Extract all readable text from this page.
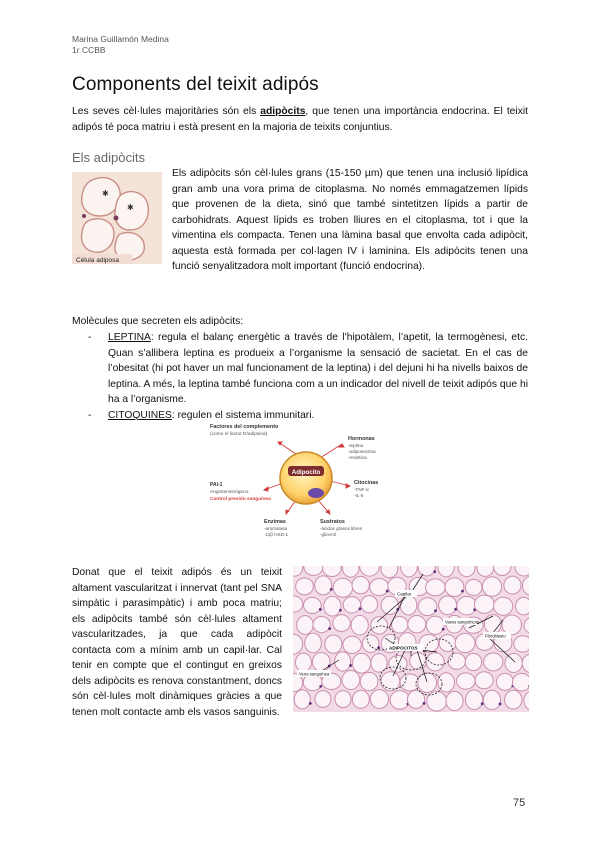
Marina Guillamón Medina
1r CCBB
Components del teixit adipós
Les seves cèl·lules majoritàries són els adipòcits, que tenen una importància endocrina. El teixit adipós té poca matriu i està present en la majoria de teixits conjuntius.
Els adipòcits
✱
✱
Célula adiposa
Els adipòcits són cèl·lules grans (15-150 µm) que tenen una inclusió lipídica gran amb una vora prima de citoplasma. No només emmagatzemen lípids que provenen de la dieta, sinó que també sintetitzen lípids a partir de carbohidrats. Aquest lípids es troben lliures en el citoplasma, tot i que la vimentina els compacta. Tenen una làmina basal que envolta cada adipòcit, aquesta està formada per col·lagen IV i laminina. Els adipòcits tenen una funció senyalitzadora molt important (funció endocrina).
Molècules que secreten els adipòcits:
- LEPTINA: regula el balanç energètic a través de l’hipotàlem, l’apetit, la termogènesi, etc. Quan s’allibera leptina es produeix a l’organisme la sensació de sacietat. En el cas de l’obesitat (hi pot haver un mal funcionament de la leptina) i del dejuni hi ha nivells baixos de leptina. A més, la leptina també funciona com a un indicador del nivell de teixit adipós que hi ha a l’organisme.
- CITOQUINES: regulen el sistema immunitari.
Adipocito
Factores del complemento
(como el factor D/adipsina)
Hormonas
-leptina
-adiponectina
-resistina
Citocinas
-TNF-α
-IL-6
Sustratos
-ácidos grasos libres
-glicerol
Enzimas
-aromatasa
-11β HSD-1
PAI-1
Angiotensinógeno
Control presión sanguínea
Donat que el teixit adipós és un teixit altament vascularitzat i innervat (tant pel SNA simpàtic i parasimpàtic) i amb poca matriu; els adipòcits també són cèl·lules altament vascularitzades, ja que cada adipòcit contacta com a mínim amb un capil·lar. Cal tenir en compte que el contingut en greixos dels adipòcits es renova constantment, doncs són cèl·lules molt dinàmiques gràcies a que tenen molt contacte amb els vasos sanguinis.
Capilar
Vasos sanguíneos
ADIPOCITOS
Fibroblasto
Vena sanguínea
75
